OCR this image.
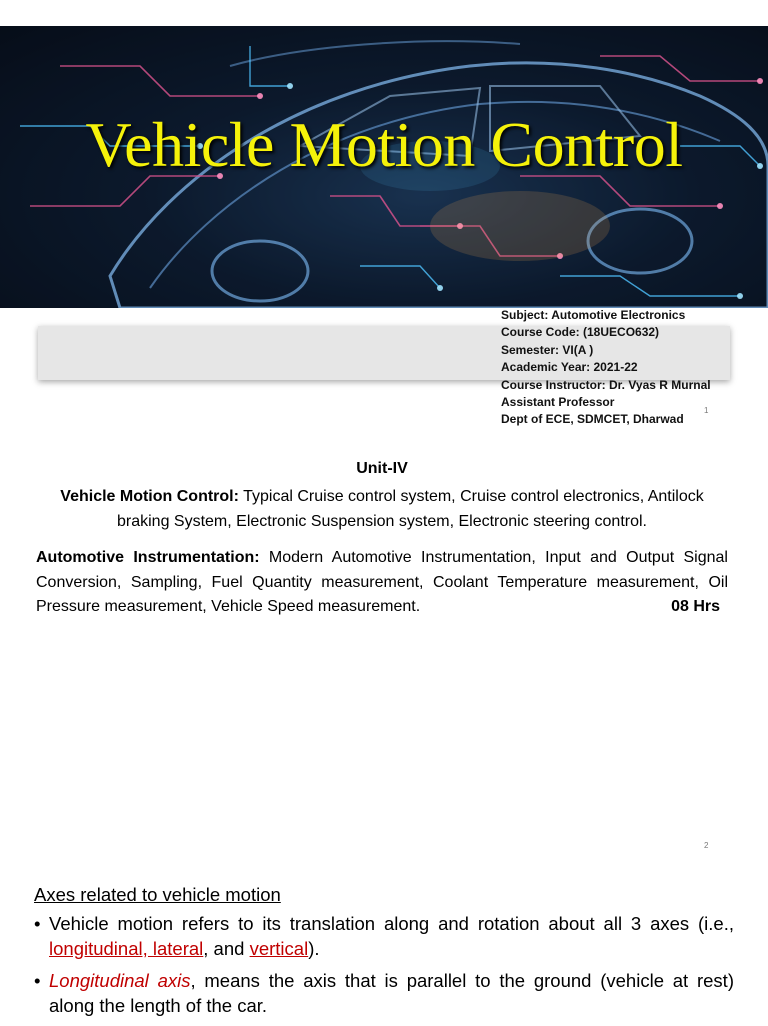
Vehicle Motion Control
Subject: Automotive Electronics
Course Code: (18UECO632)
Semester: VI(A )
Academic Year: 2021-22
Course Instructor: Dr. Vyas R Murnal
Assistant Professor
Dept of ECE, SDMCET, Dharwad
1
Unit-IV

Vehicle Motion Control: Typical Cruise control system, Cruise control electronics, Antilock braking System, Electronic Suspension system, Electronic steering control.

Automotive Instrumentation: Modern Automotive Instrumentation, Input and Output Signal Conversion, Sampling, Fuel Quantity measurement, Coolant Temperature measurement, Oil Pressure measurement, Vehicle Speed measurement.	08 Hrs

2
Axes related to vehicle motion
• Vehicle motion refers to its translation along and rotation about all 3 axes (i.e., longitudinal, lateral, and vertical).
• Longitudinal axis, means the axis that is parallel to the ground (vehicle at rest) along the length of the car.
